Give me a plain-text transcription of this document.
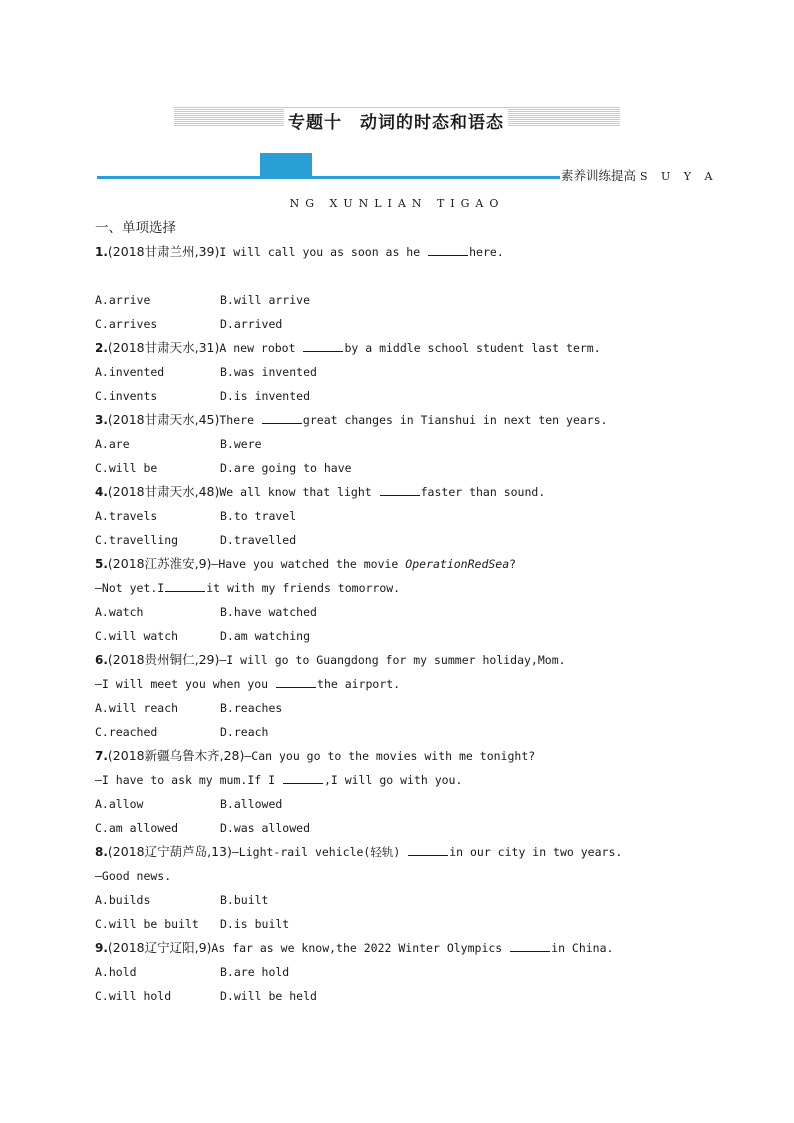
专题十　动词的时态和语态
素养训练提高 S U Y A
NG XUNLIAN TIGAO
一、单项选择
1.(2018甘肃兰州,39)I will call you as soon as he	here.
A.arrive	B.will arrive
C.arrives	D.arrived
2.(2018甘肃天水,31)A new robot	by a middle school student last term.
A.invented	B.was invented
C.invents	D.is invented
3.(2018甘肃天水,45)There	great changes in Tianshui in next ten years.
A.are	B.were
C.will be	D.are going to have
4.(2018甘肃天水,48)We all know that light	faster than sound.
A.travels	B.to travel
C.travelling	D.travelled
5.(2018江苏淮安,9)—Have you watched the movie OperationRedSea?
—Not yet.I	it with my friends tomorrow.
A.watch	B.have watched
C.will watch	D.am watching
6.(2018贵州铜仁,29)—I will go to Guangdong for my summer holiday,Mom.
—I will meet you when you	the airport.
A.will reach	B.reaches
C.reached	D.reach
7.(2018新疆乌鲁木齐,28)—Can you go to the movies with me tonight?
—I have to ask my mum.If I	,I will go with you.
A.allow	B.allowed
C.am allowed	D.was allowed
8.(2018辽宁葫芦岛,13)—Light-rail vehicle(轻轨)	in our city in two years.
—Good news.
A.builds	B.built
C.will be built D.is built
9.(2018辽宁辽阳,9)As far as we know,the 2022 Winter Olympics	in China.
A.hold	B.are hold
C.will hold	D.will be held
